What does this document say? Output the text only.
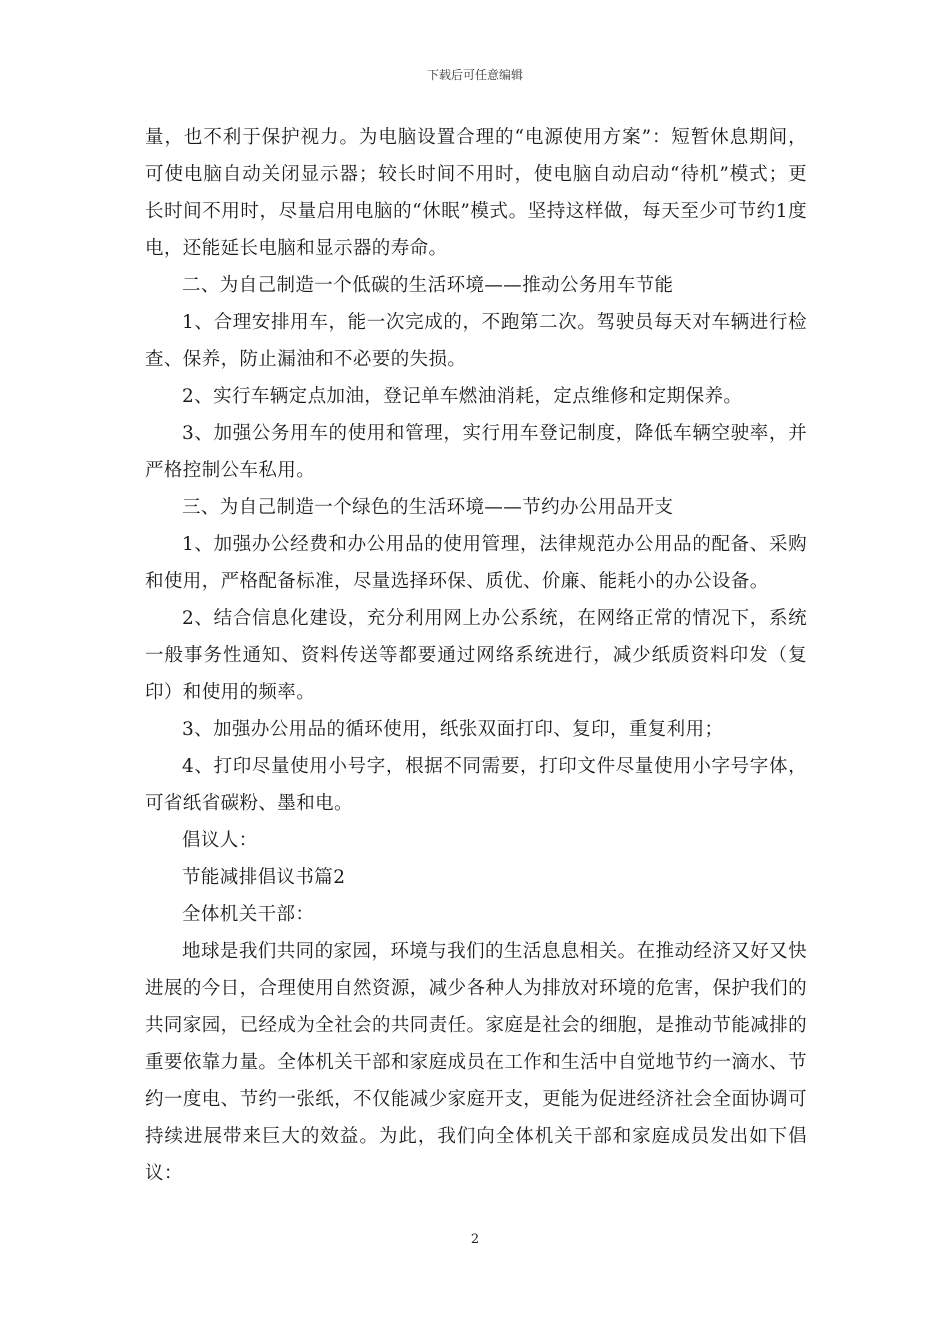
下载后可任意编辑

量，也不利于保护视力。为电脑设置合理的“电源使用方案”：短暂休息期间，可使电脑自动关闭显示器；较长时间不用时，使电脑自动启动“待机”模式；更长时间不用时，尽量启用电脑的“休眠”模式。坚持这样做，每天至少可节约1度电，还能延长电脑和显示器的寿命。

二、为自己制造一个低碳的生活环境——推动公务用车节能

1、合理安排用车，能一次完成的，不跑第二次。驾驶员每天对车辆进行检查、保养，防止漏油和不必要的失损。

2、实行车辆定点加油，登记单车燃油消耗，定点维修和定期保养。

3、加强公务用车的使用和管理，实行用车登记制度，降低车辆空驶率，并严格控制公车私用。

三、为自己制造一个绿色的生活环境——节约办公用品开支

1、加强办公经费和办公用品的使用管理，法律规范办公用品的配备、采购和使用，严格配备标准，尽量选择环保、质优、价廉、能耗小的办公设备。

2、结合信息化建设，充分利用网上办公系统，在网络正常的情况下，系统一般事务性通知、资料传送等都要通过网络系统进行，减少纸质资料印发（复印）和使用的频率。

3、加强办公用品的循环使用，纸张双面打印、复印，重复利用；

4、打印尽量使用小号字，根据不同需要，打印文件尽量使用小字号字体，可省纸省碳粉、墨和电。

倡议人：

节能减排倡议书篇2

全体机关干部：

地球是我们共同的家园，环境与我们的生活息息相关。在推动经济又好又快进展的今日，合理使用自然资源，减少各种人为排放对环境的危害，保护我们的共同家园，已经成为全社会的共同责任。家庭是社会的细胞，是推动节能减排的重要依靠力量。全体机关干部和家庭成员在工作和生活中自觉地节约一滴水、节约一度电、节约一张纸，不仅能减少家庭开支，更能为促进经济社会全面协调可持续进展带来巨大的效益。为此，我们向全体机关干部和家庭成员发出如下倡议：

2
